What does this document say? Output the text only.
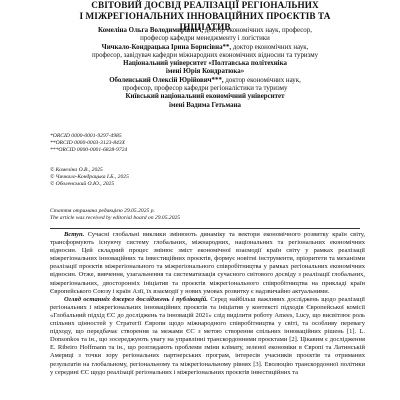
СВІТОВИЙ ДОСВІД РЕАЛІЗАЦІЇ РЕГІОНАЛЬНИХ
І МІЖРЕГІОНАЛЬНИХ ІННОВАЦІЙНИХ ПРОЄКТІВ ТА ІНІЦІАТИВ
Комеліна Ольга Володимирівна*, доктор економічних наук, професор,
професор кафедри менеджменту і логістики
Чичкало-Кондрацька Ірина Борисівна**, доктор економічних наук,
професор, завідувач кафедри міжнародних економічних відносин та туризму
Національний університет «Полтавська політехніка
імені Юрія Кондратюка»
Оболенський Олексій Юрійович***, доктор економічних наук,
професор, професор кафедри регіоналістики та туризму
Київський національний економічний університет
імені Вадима Гетьмана
*ORCID 0000-0001-9297-4985
**ORCID 0000-0003-3123-843X
***ORCID 0000-0001-6828-9724
© Комеліна О.В., 2025
© Чичкало-Кондрацька І.Б., 2025
© Оболенський О.Ю., 2025
Стаття отримана редакцією 29.05.2025 р.
The article was received by editorial board on 29.05.2025

Вступ. Сучасні глобальні виклики змінюють динаміку та вектори економічного розвитку країн світу, трансформують існуючу систему глобальних, міжнародних, національних та регіональних економічних відносин. Цей складний процес змінює зміст економічної взаємодії країн світу у рамках реалізації міжрегіональних інноваційних та інвестиційних проєктів, формує новітні інструменти, пріоритети та механізми реалізації проєктів міжрегіонального та міжрегіонального співробітництва у рамках регіональних економічних відносин. Отже, вивчення, узагальнення та систематизація сучасного світового досвіду з реалізації глобальних, міжрегіональних, двосторонніх ініціатив та проєктів міжрегіонального співробітництва на прикладі країн Європейського Союзу і країн Азії, їх взаємодії у нових умовах розвитку є надзвичайно актуальними.

Огляд останніх джерел досліджень і публікацій. Серед найбільш важливих досліджень щодо реалізації регіональних і міжрегіональних інноваційних проєктів та ініціатив у контексті підходів Європейської комісії «Глобальний підхід ЄС до досліджень та інновацій 2021» слід виділити роботу Amees, Lucy, що висвітлює роль спільних цінностей у Стратегії Європи щодо міжнародного співробітництва у світі, та особливу перевагу підходу, що передбачає створення за межами ЄС з метою створення спільних інноваційних рішень [1]. L. Donsonkos та ін., що зосереджують увагу на управлінні транскордонними проєктами [2]. Цікавим є дослідження E. Ribeiro Hoffmann та ін., що розглядають проблеми зміни клімату, зеленої економіки в Європі та Латинській Америці з точки зору регіональних партнерських програм, інтересів учасників проєктів та отриманих результатів на глобальному, регіональному та міжрегіональному рівнях [3]. Еволюцію транскордонної політики у середині ЄС щодо реалізації регіональних і міжрегіональних проєктів інвестиційних та
